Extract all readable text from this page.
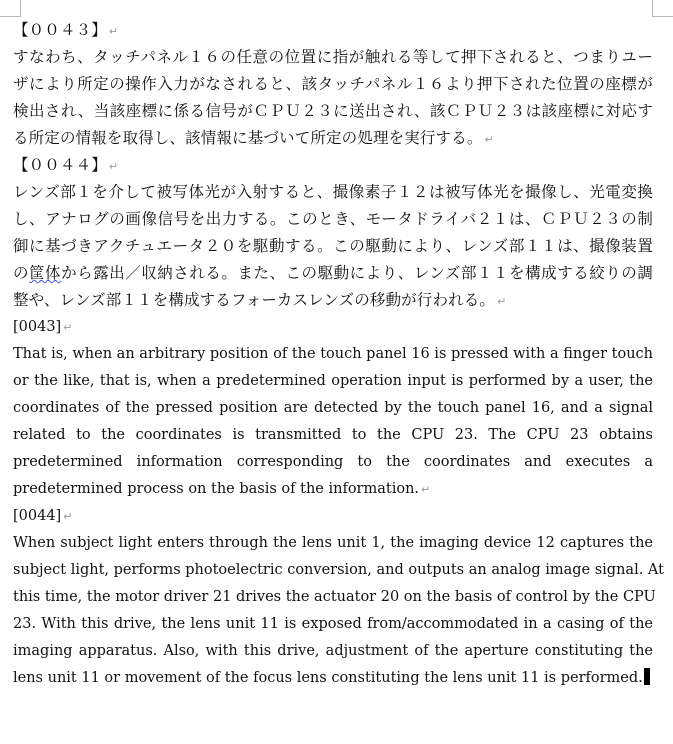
【００４３】 ↵
すなわち、タッチパネル１６の任意の位置に指が触れる等して押下されると、つまりユー
ザにより所定の操作入力がなされると、該タッチパネル１６より押下された位置の座標が
検出され、当該座標に係る信号がＣＰＵ２３に送出され、該ＣＰＵ２３は該座標に対応す
る所定の情報を取得し、該情報に基づいて所定の処理を実行する。 ↵
【００４４】 ↵
レンズ部１を介して被写体光が入射すると、撮像素子１２は被写体光を撮像し、光電変換
し、アナログの画像信号を出力する。このとき、モータドライバ２１は、ＣＰＵ２３の制
御に基づきアクチュエータ２０を駆動する。この駆動により、レンズ部１１は、撮像装置
の筐体から露出／収納される。また、この駆動により、レンズ部１１を構成する絞りの調
整や、レンズ部１１を構成するフォーカスレンズの移動が行われる。 ↵
[0043] ↵
That is, when an arbitrary position of the touch panel 16 is pressed with a finger touch
or the like, that is, when a predetermined operation input is performed by a user, the
coordinates of the pressed position are detected by the touch panel 16, and a signal
related to the coordinates is transmitted to the CPU 23. The CPU 23 obtains
predetermined information corresponding to the coordinates and executes a
predetermined process on the basis of the information. ↵
[0044] ↵
When subject light enters through the lens unit 1, the imaging device 12 captures the
subject light, performs photoelectric conversion, and outputs an analog image signal. At
this time, the motor driver 21 drives the actuator 20 on the basis of control by the CPU
23. With this drive, the lens unit 11 is exposed from/accommodated in a casing of the
imaging apparatus. Also, with this drive, adjustment of the aperture constituting the
lens unit 11 or movement of the focus lens constituting the lens unit 11 is performed.
